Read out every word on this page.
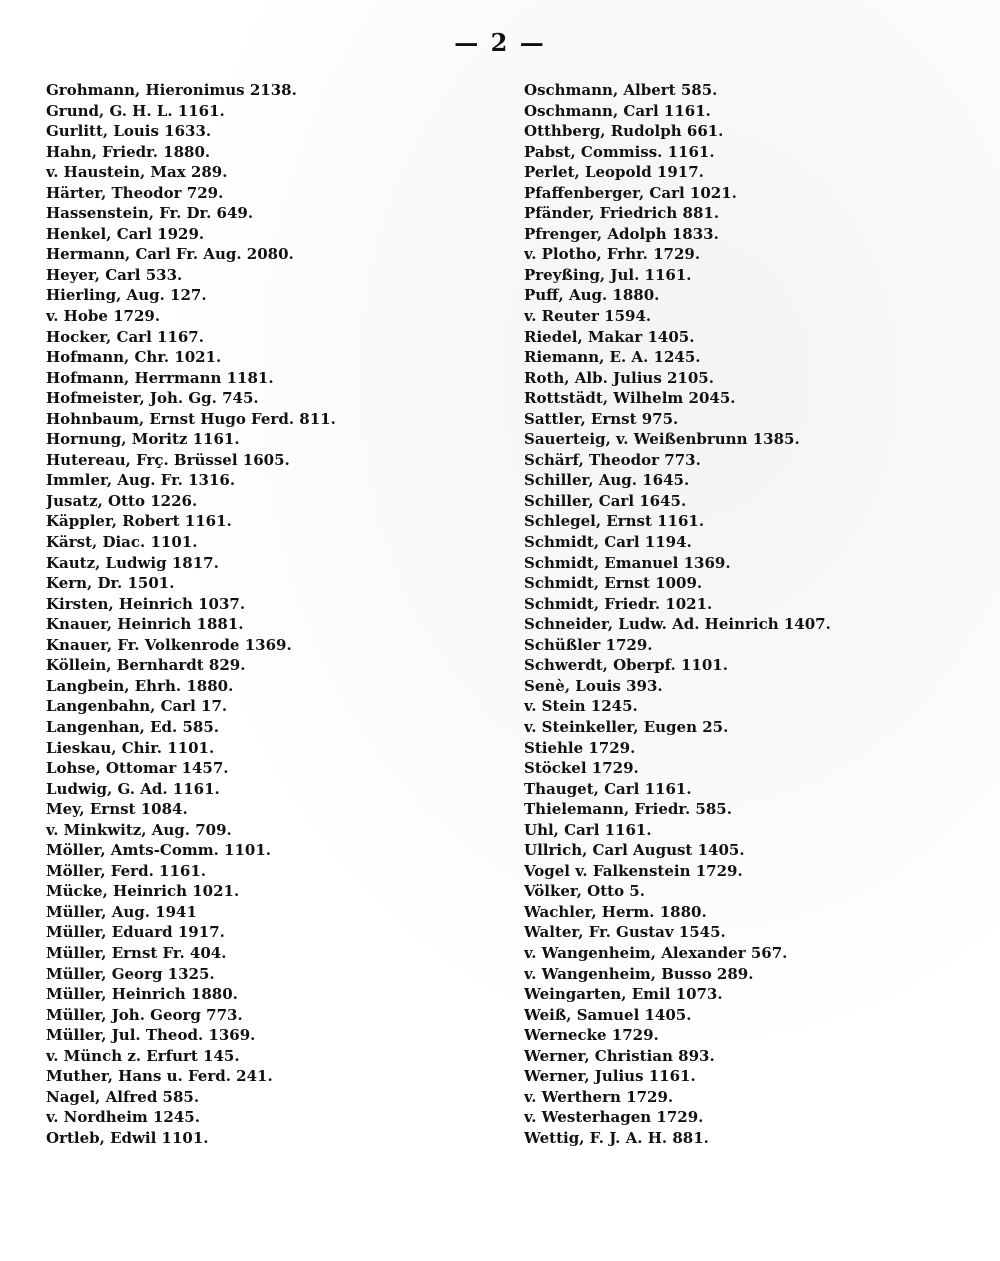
— 2 —
Grohmann, Hieronimus 2138.
Grund, G. H. L. 1161.
Gurlitt, Louis 1633.
Hahn, Friedr. 1880.
v. Haustein, Max 289.
Härter, Theodor 729.
Hassenstein, Fr. Dr. 649.
Henkel, Carl 1929.
Hermann, Carl Fr. Aug. 2080.
Heyer, Carl 533.
Hierling, Aug. 127.
v. Hobe 1729.
Hocker, Carl 1167.
Hofmann, Chr. 1021.
Hofmann, Herrmann 1181.
Hofmeister, Joh. Gg. 745.
Hohnbaum, Ernst Hugo Ferd. 811.
Hornung, Moritz 1161.
Hutereau, Frç. Brüssel 1605.
Immler, Aug. Fr. 1316.
Jusatz, Otto 1226.
Käppler, Robert 1161.
Kärst, Diac. 1101.
Kautz, Ludwig 1817.
Kern, Dr. 1501.
Kirsten, Heinrich 1037.
Knauer, Heinrich 1881.
Knauer, Fr. Volkenrode 1369.
Köllein, Bernhardt 829.
Langbein, Ehrh. 1880.
Langenbahn, Carl 17.
Langenhan, Ed. 585.
Lieskau, Chir. 1101.
Lohse, Ottomar 1457.
Ludwig, G. Ad. 1161.
Mey, Ernst 1084.
v. Minkwitz, Aug. 709.
Möller, Amts-Comm. 1101.
Möller, Ferd. 1161.
Mücke, Heinrich 1021.
Müller, Aug. 1941
Müller, Eduard 1917.
Müller, Ernst Fr. 404.
Müller, Georg 1325.
Müller, Heinrich 1880.
Müller, Joh. Georg 773.
Müller, Jul. Theod. 1369.
v. Münch z. Erfurt 145.
Muther, Hans u. Ferd. 241.
Nagel, Alfred 585.
v. Nordheim 1245.
Ortleb, Edwil 1101.
Oschmann, Albert 585.
Oschmann, Carl 1161.
Otthberg, Rudolph 661.
Pabst, Commiss. 1161.
Perlet, Leopold 1917.
Pfaffenberger, Carl 1021.
Pfänder, Friedrich 881.
Pfrenger, Adolph 1833.
v. Plotho, Frhr. 1729.
Preyßing, Jul. 1161.
Puff, Aug. 1880.
v. Reuter 1594.
Riedel, Makar 1405.
Riemann, E. A. 1245.
Roth, Alb. Julius 2105.
Rottstädt, Wilhelm 2045.
Sattler, Ernst 975.
Sauerteig, v. Weißenbrunn 1385.
Schärf, Theodor 773.
Schiller, Aug. 1645.
Schiller, Carl 1645.
Schlegel, Ernst 1161.
Schmidt, Carl 1194.
Schmidt, Emanuel 1369.
Schmidt, Ernst 1009.
Schmidt, Friedr. 1021.
Schneider, Ludw. Ad. Heinrich 1407.
Schüßler 1729.
Schwerdt, Oberpf. 1101.
Senè, Louis 393.
v. Stein 1245.
v. Steinkeller, Eugen 25.
Stiehle 1729.
Stöckel 1729.
Thauget, Carl 1161.
Thielemann, Friedr. 585.
Uhl, Carl 1161.
Ullrich, Carl August 1405.
Vogel v. Falkenstein 1729.
Völker, Otto 5.
Wachler, Herm. 1880.
Walter, Fr. Gustav 1545.
v. Wangenheim, Alexander 567.
v. Wangenheim, Busso 289.
Weingarten, Emil 1073.
Weiß, Samuel 1405.
Wernecke 1729.
Werner, Christian 893.
Werner, Julius 1161.
v. Werthern 1729.
v. Westerhagen 1729.
Wettig, F. J. A. H. 881.
